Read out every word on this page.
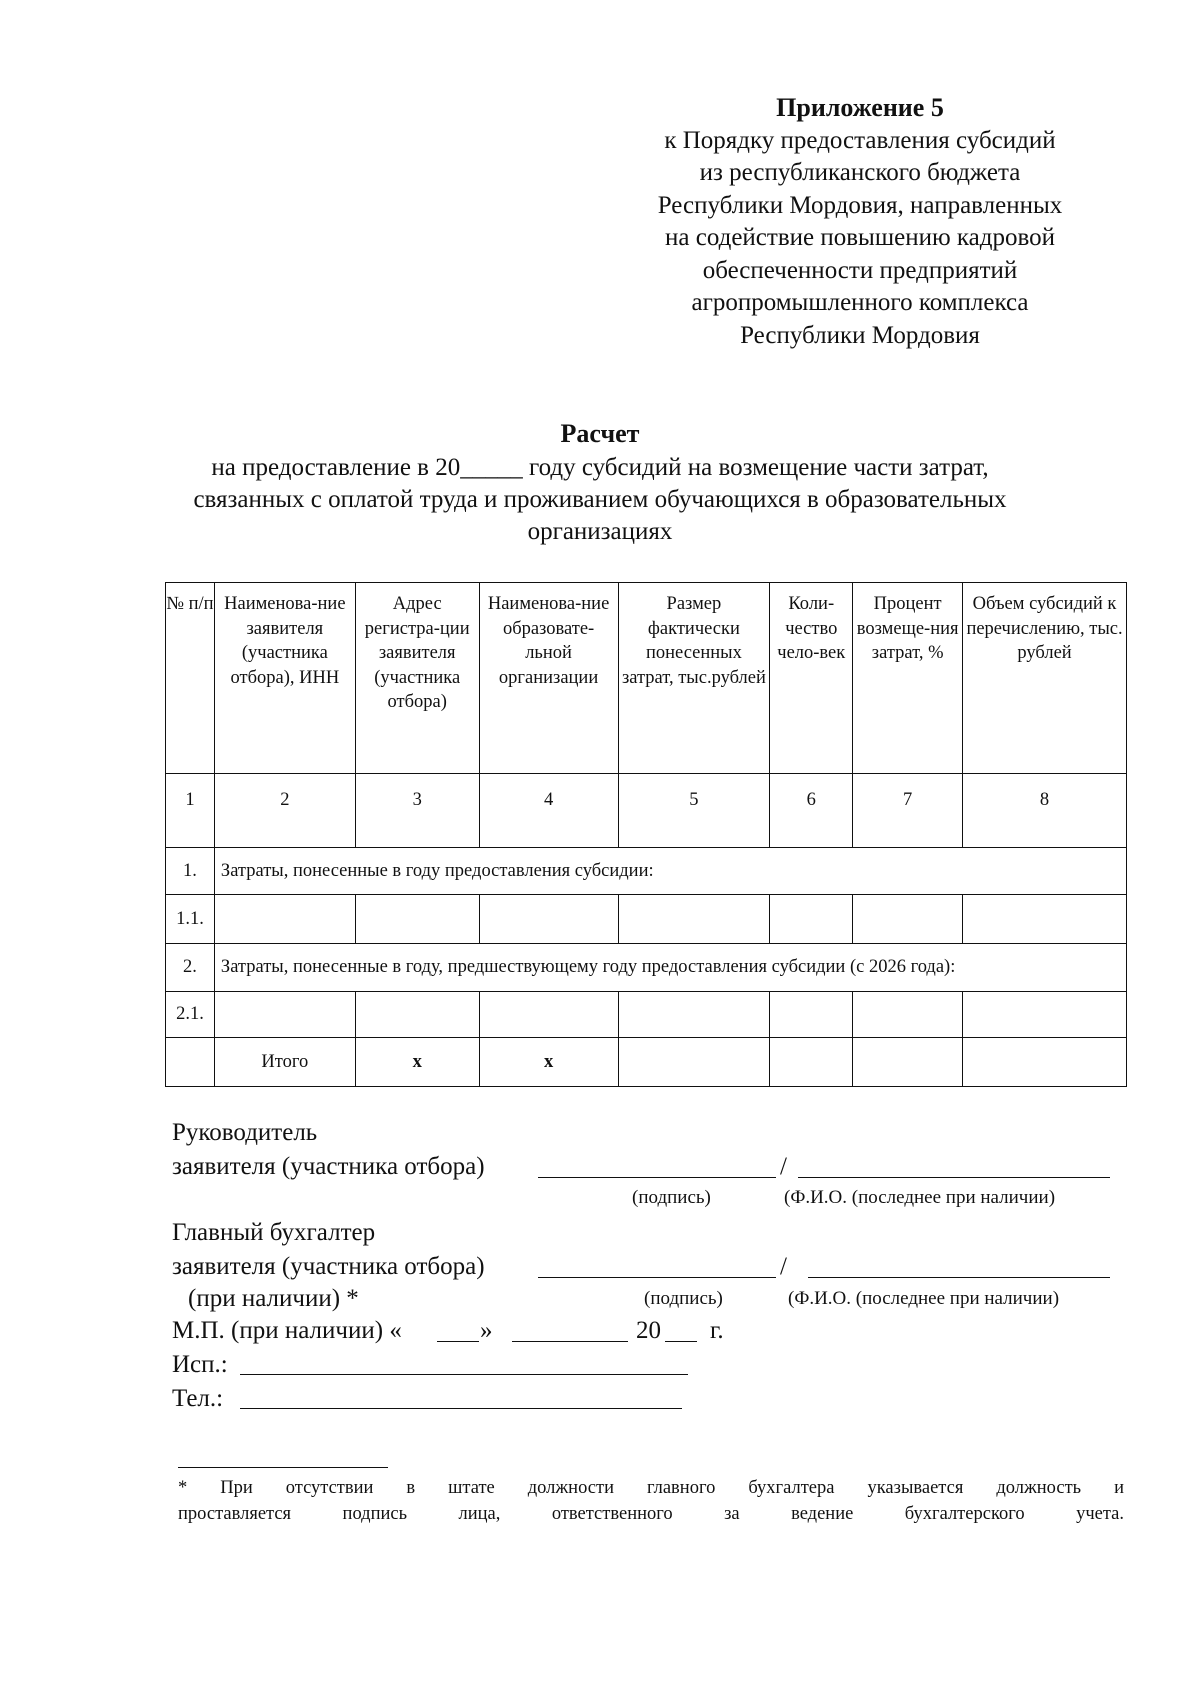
Приложение 5
к Порядку предоставления субсидий
из республиканского бюджета
Республики Мордовия, направленных
на содействие повышению кадровой
обеспеченности предприятий
агропромышленного комплекса
Республики Мордовия
Расчет
на предоставление в 20_____ году субсидий на возмещение части затрат,
связанных с оплатой труда и проживанием обучающихся в образовательных
организациях
№ п/п	Наименова-ние заявителя (участника отбора), ИНН	Адрес регистра-ции заявителя (участника отбора)	Наименова-ние образовате-льной организации	Размер фактически понесенных затрат, тыс.рублей	Коли-чество чело-век	Процент возмеще-ния затрат, %	Объем субсидий к перечислению, тыс. рублей
1	2	3	4	5	6	7	8
1.	Затраты, понесенные в году предоставления субсидии:						
1.1.							
2.	Затраты, понесенные в году, предшествующему году предоставления субсидии (с 2026 года):						
2.1.							
	Итого	x	x				
Руководитель
заявителя (участника отбора)	/
(подпись)	(Ф.И.О. (последнее при наличии)
Главный бухгалтер
заявителя (участника отбора)	/
(при наличии) *	(подпись)	(Ф.И.О. (последнее при наличии)
М.П. (при наличии) «	»	20 г.
Исп.:
Тел.:
* При отсутствии в штате должности главного бухгалтера указывается должность и
проставляется подпись лица, ответственного за ведение бухгалтерского учета.
